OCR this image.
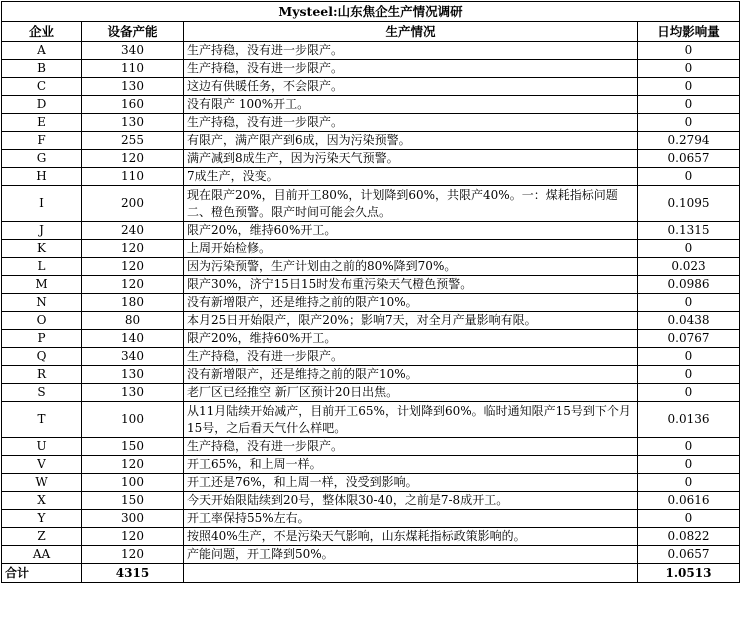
Mysteel:山东焦企生产情况调研			
企业	设备产能	生产情况	日均影响量
A	340	生产持稳，没有进一步限产。	0
B	110	生产持稳，没有进一步限产。	0
C	130	这边有供暖任务，不会限产。	0
D	160	没有限产 100%开工。	0
E	130	生产持稳，没有进一步限产。	0
F	255	有限产，满产限产到6成，因为污染预警。	0.2794
G	120	满产减到8成生产，因为污染天气预警。	0.0657
H	110	7成生产，没变。	0
I	200	现在限产20%，目前开工80%，计划降到60%，共限产40%。一：煤耗指标问题 二、橙色预警。限产时间可能会久点。	0.1095
J	240	限产20%，维持60%开工。	0.1315
K	120	上周开始检修。	0
L	120	因为污染预警，生产计划由之前的80%降到70%。	0.023
M	120	限产30%，济宁15日15时发布重污染天气橙色预警。	0.0986
N	180	没有新增限产，还是维持之前的限产10%。	0
O	80	本月25日开始限产，限产20%；影响7天，对全月产量影响有限。	0.0438
P	140	限产20%，维持60%开工。	0.0767
Q	340	生产持稳，没有进一步限产。	0
R	130	没有新增限产，还是维持之前的限产10%。	0
S	130	老厂区已经推空 新厂区预计20日出焦。	0
T	100	从11月陆续开始减产，目前开工65%，计划降到60%。临时通知限产15号到下个月15号，之后看天气什么样吧。	0.0136
U	150	生产持稳，没有进一步限产。	0
V	120	开工65%，和上周一样。	0
W	100	开工还是76%，和上周一样，没受到影响。	0
X	150	今天开始限陆续到20号，整体限30-40，之前是7-8成开工。	0.0616
Y	300	开工率保持55%左右。	0
Z	120	按照40%生产，不是污染天气影响，山东煤耗指标政策影响的。	0.0822
AA	120	产能问题，开工降到50%。	0.0657
合计	4315		1.0513
